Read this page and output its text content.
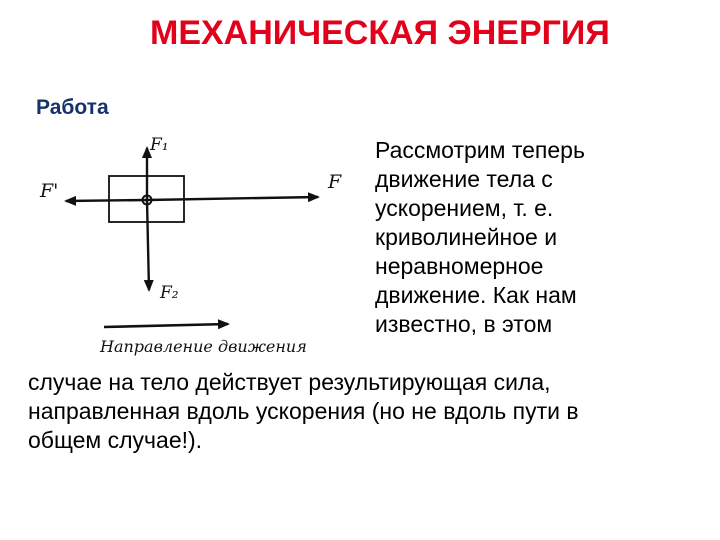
МЕХАНИЧЕСКАЯ ЭНЕРГИЯ
Работа
F₁
F'	F
F₂
Направление движения
Рассмотрим теперь
движение тела с
ускорением, т. е.
криволинейное и
неравномерное
движение. Как нам
известно, в этом
случае на тело действует результирующая сила,
направленная вдоль ускорения (но не вдоль пути в
общем случае!).
